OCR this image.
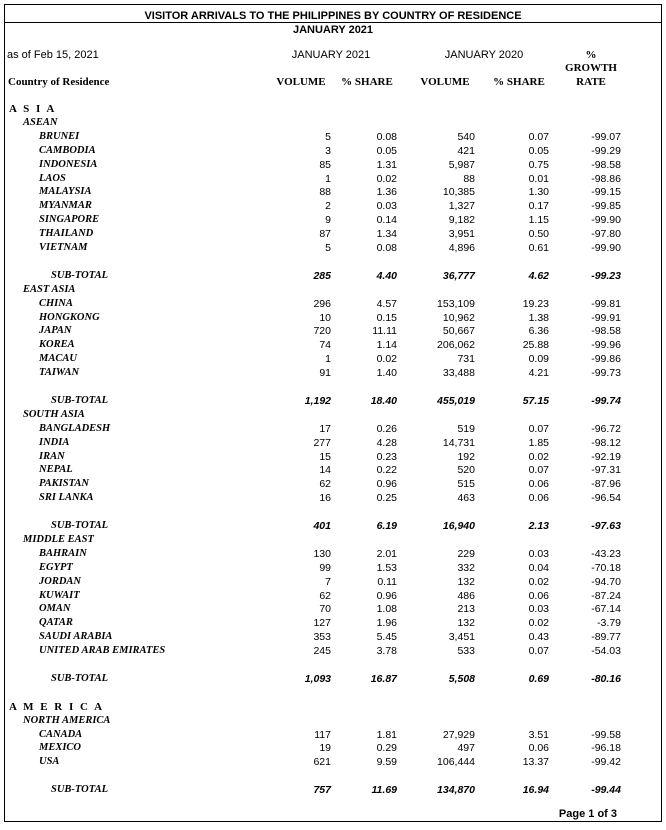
VISITOR ARRIVALS TO THE PHILIPPINES BY COUNTRY OF RESIDENCE
JANUARY 2021
as of Feb 15, 2021	JANUARY 2021	JANUARY 2020	%
GROWTH
Country of Residence	VOLUME % SHARE	VOLUME % SHARE	RATE
A S I A
ASEAN
BRUNEI	5	0.08	540	0.07	-99.07
CAMBODIA	3	0.05	421	0.05	-99.29
INDONESIA	85	1.31	5,987	0.75	-98.58
LAOS	1	0.02	88	0.01	-98.86
MALAYSIA	88	1.36	10,385	1.30	-99.15
MYANMAR	2	0.03	1,327	0.17	-99.85
SINGAPORE	9	0.14	9,182	1.15	-99.90
THAILAND	87	1.34	3,951	0.50	-97.80
VIETNAM	5	0.08	4,896	0.61	-99.90
SUB-TOTAL	285	4.40	36,777	4.62	-99.23
EAST ASIA
CHINA	296	4.57	153,109	19.23	-99.81
HONGKONG	10	0.15	10,962	1.38	-99.91
JAPAN	720	11.11	50,667	6.36	-98.58
KOREA	74	1.14	206,062	25.88	-99.96
MACAU	1	0.02	731	0.09	-99.86
TAIWAN	91	1.40	33,488	4.21	-99.73
SUB-TOTAL	1,192	18.40	455,019	57.15	-99.74
SOUTH ASIA
BANGLADESH	17	0.26	519	0.07	-96.72
INDIA	277	4.28	14,731	1.85	-98.12
IRAN	15	0.23	192	0.02	-92.19
NEPAL	14	0.22	520	0.07	-97.31
PAKISTAN	62	0.96	515	0.06	-87.96
SRI LANKA	16	0.25	463	0.06	-96.54
SUB-TOTAL	401	6.19	16,940	2.13	-97.63
MIDDLE EAST
BAHRAIN	130	2.01	229	0.03	-43.23
EGYPT	99	1.53	332	0.04	-70.18
JORDAN	7	0.11	132	0.02	-94.70
KUWAIT	62	0.96	486	0.06	-87.24
OMAN	70	1.08	213	0.03	-67.14
QATAR	127	1.96	132	0.02	-3.79
SAUDI ARABIA	353	5.45	3,451	0.43	-89.77
UNITED ARAB EMIRATES	245	3.78	533	0.07	-54.03
SUB-TOTAL	1,093	16.87	5,508	0.69	-80.16
A M E R I C A
NORTH AMERICA
CANADA	117	1.81	27,929	3.51	-99.58
MEXICO	19	0.29	497	0.06	-96.18
USA	621	9.59	106,444	13.37	-99.42
SUB-TOTAL	757	11.69	134,870	16.94	-99.44
Page 1 of 3
